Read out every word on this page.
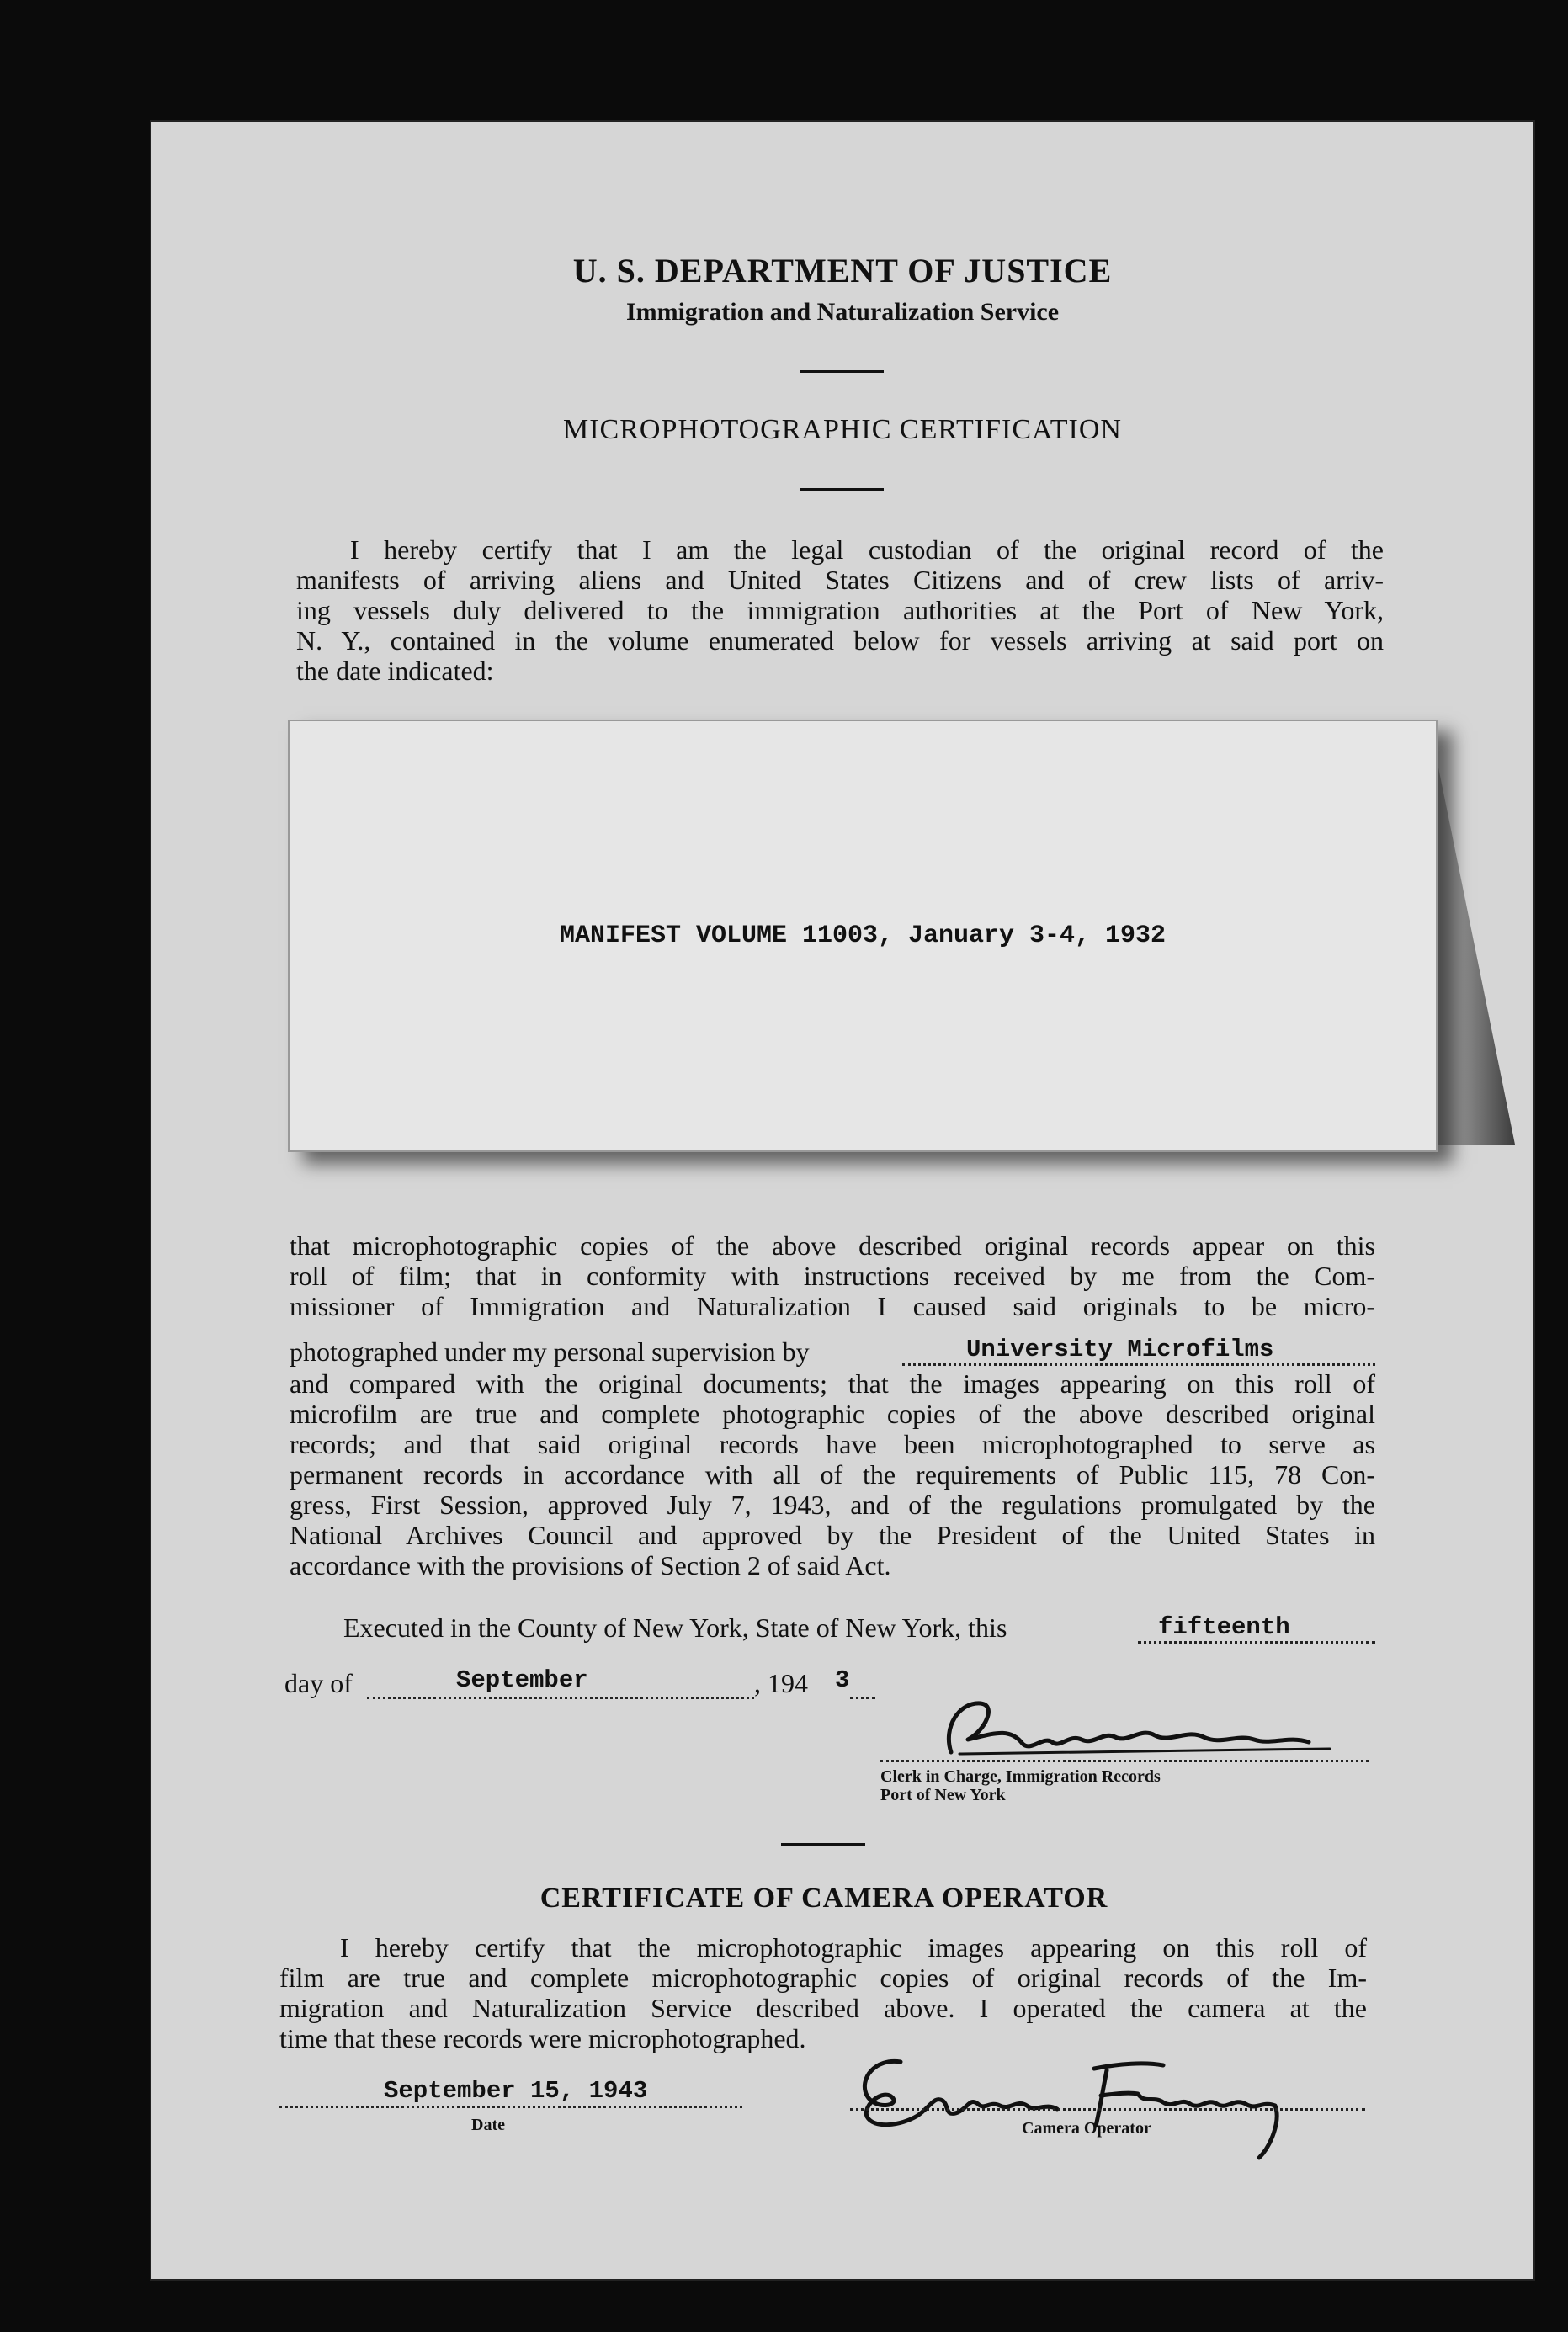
U. S. DEPARTMENT OF JUSTICE
Immigration and Naturalization Service
MICROPHOTOGRAPHIC CERTIFICATION
I hereby certify that I am the legal custodian of the original record of the
manifests of arriving aliens and United States Citizens and of crew lists of arriv-
ing vessels duly delivered to the immigration authorities at the Port of New York,
N. Y., contained in the volume enumerated below for vessels arriving at said port on
the date indicated:
MANIFEST VOLUME 11003, January 3-4, 1932
that microphotographic copies of the above described original records appear on this
roll of film; that in conformity with instructions received by me from the Com-
missioner of Immigration and Naturalization I caused said originals to be micro-
photographed under my personal supervision by	University Microfilms
and compared with the original documents; that the images appearing on this roll of
microfilm are true and complete photographic copies of the above described original
records; and that said original records have been microphotographed to serve as
permanent records in accordance with all of the requirements of Public 115, 78 Con-
gress, First Session, approved July 7, 1943, and of the regulations promulgated by the
National Archives Council and approved by the President of the United States in
accordance with the provisions of Section 2 of said Act.
Executed in the County of New York, State of New York, this	fifteenth
day of	September	, 194 3
Clerk in Charge, Immigration Records
Port of New York
CERTIFICATE OF CAMERA OPERATOR
I hereby certify that the microphotographic images appearing on this roll of
film are true and complete microphotographic copies of original records of the Im-
migration and Naturalization Service described above. I operated the camera at the
time that these records were microphotographed.
September 15, 1943
Date	Camera Operator
